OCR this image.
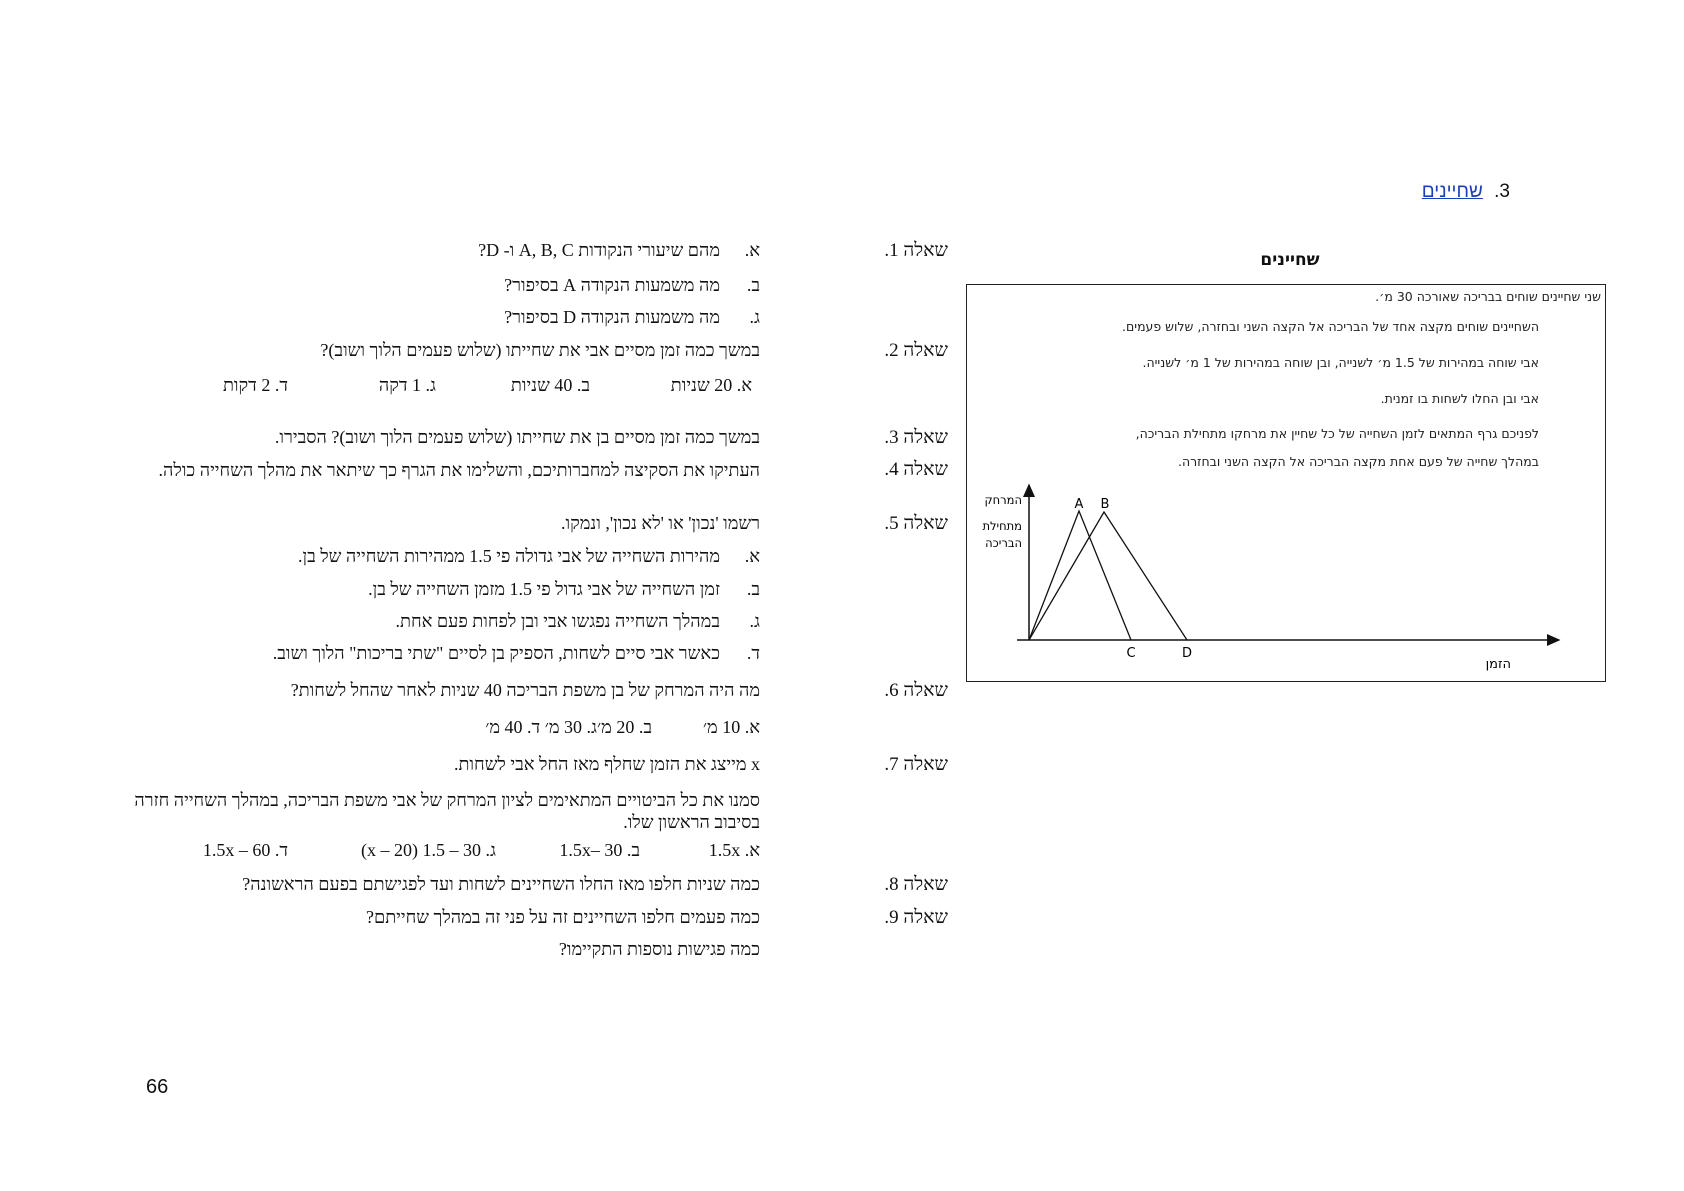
3. שחיינים
שחיינים
שני שחיינים שוחים בבריכה שאורכה 30 מ׳.
השחיינים שוחים מקצה אחד של הבריכה אל הקצה השני ובחזרה, שלוש פעמים.
אבי שוחה במהירות של 1.5 מ׳ לשנייה, ובן שוחה במהירות של 1 מ׳ לשנייה.
אבי ובן החלו לשחות בו זמנית.
לפניכם גרף המתאים לזמן השחייה של כל שחיין את מרחקו מתחילת הבריכה,
במהלך שחייה של פעם אחת מקצה הבריכה אל הקצה השני ובחזרה.
המרחק
מתחילת
הבריכה
A B
C	D
הזמן
שאלה 1.
א.
מהם שיעורי הנקודות A, B, C ו- D?
ב.
מה משמעות הנקודה A בסיפור?
ג.
מה משמעות הנקודה D בסיפור?
שאלה 2.
במשך כמה זמן מסיים אבי את שחייתו (שלוש פעמים הלוך ושוב)?
א. 20 שניות
ב. 40 שניות
ג. 1 דקה
ד. 2 דקות
שאלה 3.
במשך כמה זמן מסיים בן את שחייתו (שלוש פעמים הלוך ושוב)? הסבירו.
שאלה 4.
העתיקו את הסקיצה למחברותיכם, והשלימו את הגרף כך שיתאר את מהלך השחייה כולה.
שאלה 5.
רשמו 'נכון' או 'לא נכון', ונמקו.
א.
מהירות השחייה של אבי גדולה פי 1.5 ממהירות השחייה של בן.
ב.
זמן השחייה של אבי גדול פי 1.5 מזמן השחייה של בן.
ג.
במהלך השחייה נפגשו אבי ובן לפחות פעם אחת.
ד.
כאשר אבי סיים לשחות, הספיק בן לסיים "שתי בריכות" הלוך ושוב.
שאלה 6.
מה היה המרחק של בן משפת הבריכה 40 שניות לאחר שהחל לשחות?
א. 10 מ׳
ב. 20 מ׳ג. 30 מ׳ ד. 40 מ׳
שאלה 7.
x מייצג את הזמן שחלף מאז החל אבי לשחות.
סמנו את כל הביטויים המתאימים לציון המרחק של אבי משפת הבריכה, במהלך השחייה חזרה בסיבוב הראשון שלו.
א. 1.5x
ב. 30 –1.5x
ג. 30 – 1.5 (x – 20)
ד. 60 – 1.5x
שאלה 8.
כמה שניות חלפו מאז החלו השחיינים לשחות ועד לפגישתם בפעם הראשונה?
שאלה 9.
כמה פעמים חלפו השחיינים זה על פני זה במהלך שחייתם?
כמה פגישות נוספות התקיימו?
66
